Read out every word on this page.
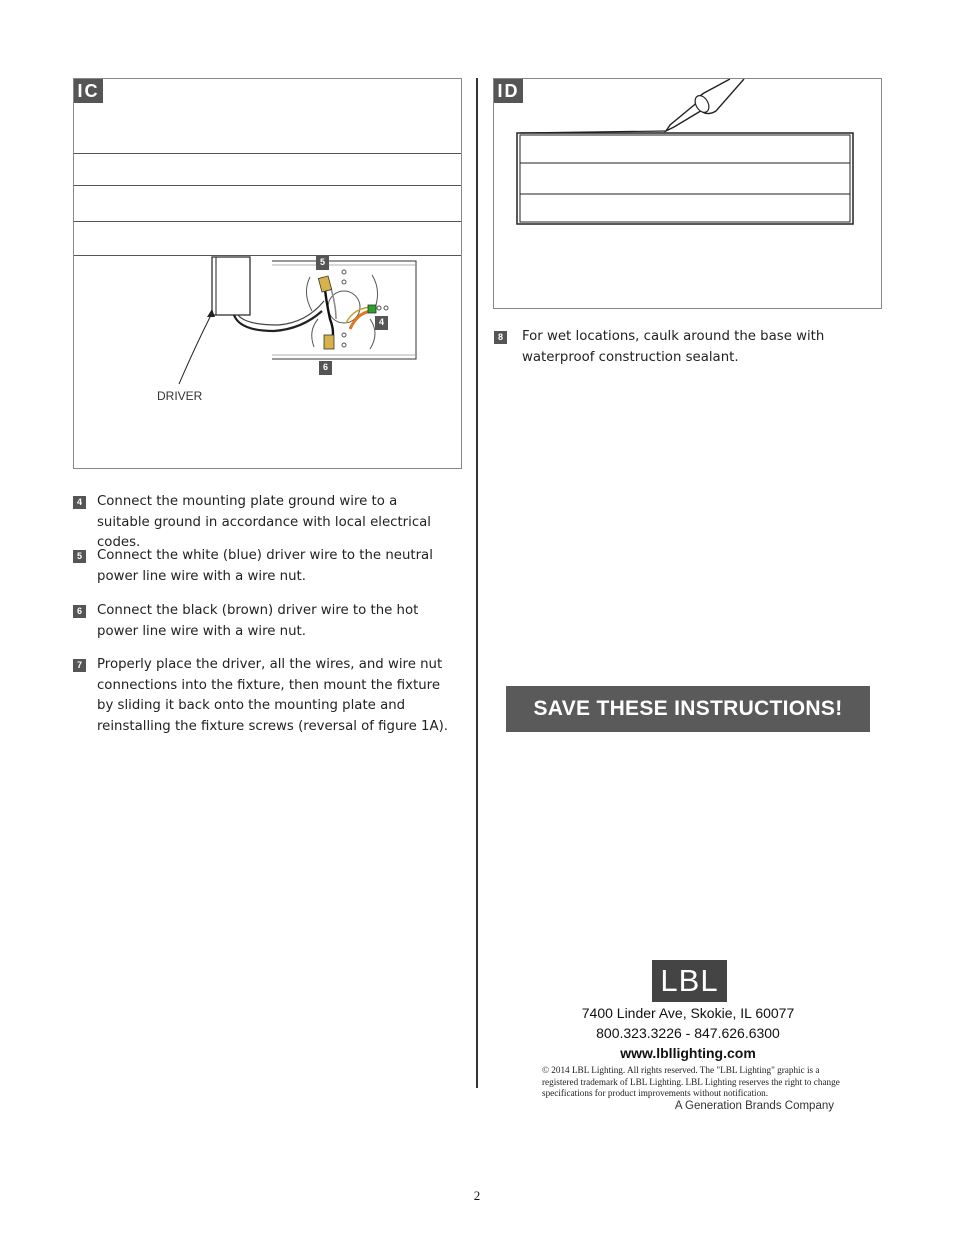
IC
5
4
6
DRIVER
ID
4	Connect the mounting plate ground wire to a suitable ground in accordance with local electrical codes.
5	Connect the white (blue) driver wire to the neutral power line wire with a wire nut.
6	Connect the black (brown) driver wire to the hot power line wire with a wire nut.
7	Properly place the driver, all the wires, and wire nut connections into the fixture, then mount the fixture by sliding it back onto the mounting plate and reinstalling the fixture screws (reversal of figure 1A).
8	For wet locations, caulk around the base with waterproof construction sealant.
SAVE THESE INSTRUCTIONS!
LBL
7400 Linder Ave, Skokie, IL 60077
800.323.3226 - 847.626.6300
www.lbllighting.com
© 2014 LBL Lighting. All rights reserved. The "LBL Lighting" graphic is a registered trademark of LBL Lighting. LBL Lighting reserves the right to change specifications for product improvements without notification.
A Generation Brands Company
2
